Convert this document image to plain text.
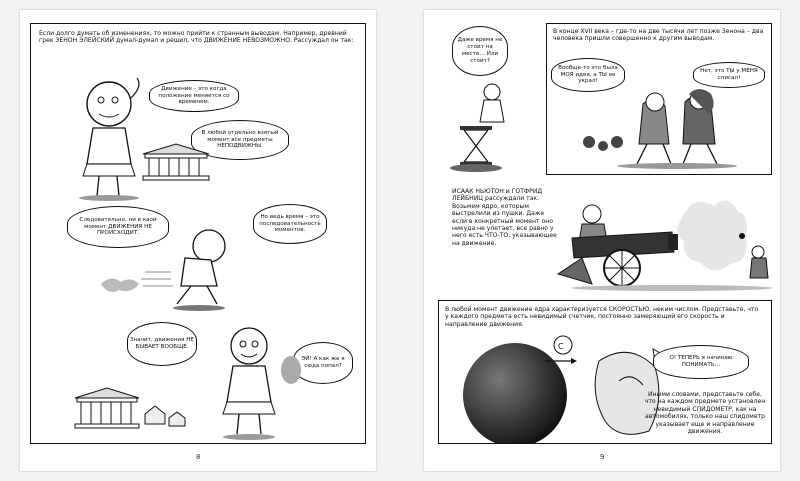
Если долго думать об изменениях, то можно прийти к странным выводам. Например, древний грек ЗЕНОН ЭЛЕЙСКИЙ думал-думал и решил, что ДВИЖЕНИЕ НЕВОЗМОЖНО. Рассуждал он так:
Движение – это когда положение меняется со временем.
В любой отдельно взятый момент все предметы НЕПОДВИЖНЫ.
Следовательно, ни в каой момент ДВИЖЕНИЯ НЕ ПРОИСХОДИТ.
Но ведь время – это последовательность моментов.
Значит, движения НЕ БЫВАЕТ ВООБЩЕ.
ЭЙ! А как же я сюда попал?
8
Даже время не стоит на месте… Или стоит?
В конце XVII века – где-то на две тысячи лет позже Зенона – два человека пришли совершенно к другим выводам.
Вообще-то это была МОЯ идея, а ТЫ ее украл!
Нет, это ТЫ у МЕНЯ списал!
ИСААК НЬЮТОН и ГОТФРИД ЛЕЙБНИЦ рассуждали так. Возьмем ядро, которым выстрелили из пушки. Даже если в конкретный момент оно никуда не улетает, все равно у него есть ЧТО-ТО, указывающее на движение.
В любой момент движение ядра характеризуется СКОРОСТЬЮ, неким числом. Представьте, что у каждого предмета есть невидимый счетчик, постоянно замеряющий его скорость и направление движения.
C
О! ТЕПЕРЬ я начинаю ПОНИМАТЬ…
Иными словами, представьте себе, что на каждом предмете установлен невидимый СПИДОМЕТР, как на автомобилях, только наш спидометр указывает еще и направление движения.
9
